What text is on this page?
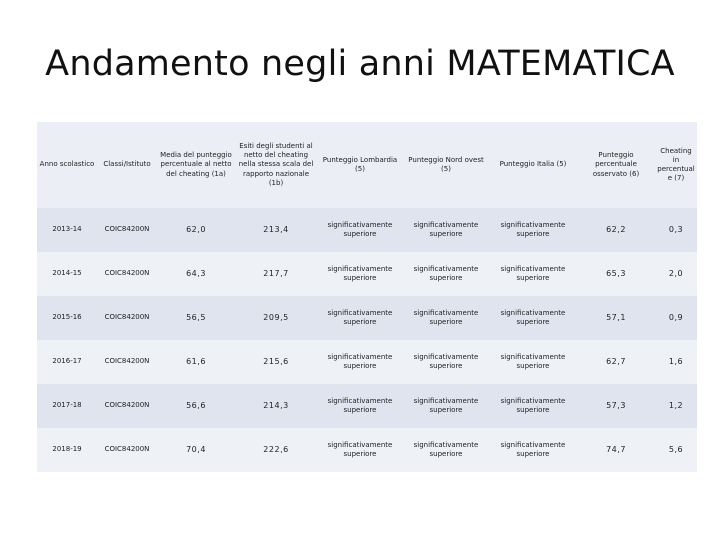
Andamento negli anni MATEMATICA
Anno scolastico	Classi/Istituto	Media del punteggio percentuale al netto del cheating (1a)	Esiti degli studenti al netto del cheating nella stessa scala del rapporto nazionale (1b)	Punteggio Lombardia (5)	Punteggio Nord ovest (5)	Punteggio Italia (5)	Punteggio percentuale osservato (6)	Cheating in percentual e (7)
2013-14	COIC84200N	62,0	213,4	significativamente superiore	significativamente superiore	significativamente superiore	62,2	0,3
2014-15	COIC84200N	64,3	217,7	significativamente superiore	significativamente superiore	significativamente superiore	65,3	2,0
2015-16	COIC84200N	56,5	209,5	significativamente superiore	significativamente superiore	significativamente superiore	57,1	0,9
2016-17	COIC84200N	61,6	215,6	significativamente superiore	significativamente superiore	significativamente superiore	62,7	1,6
2017-18	COIC84200N	56,6	214,3	significativamente superiore	significativamente superiore	significativamente superiore	57,3	1,2
2018-19	COIC84200N	70,4	222,6	significativamente superiore	significativamente superiore	significativamente superiore	74,7	5,6
